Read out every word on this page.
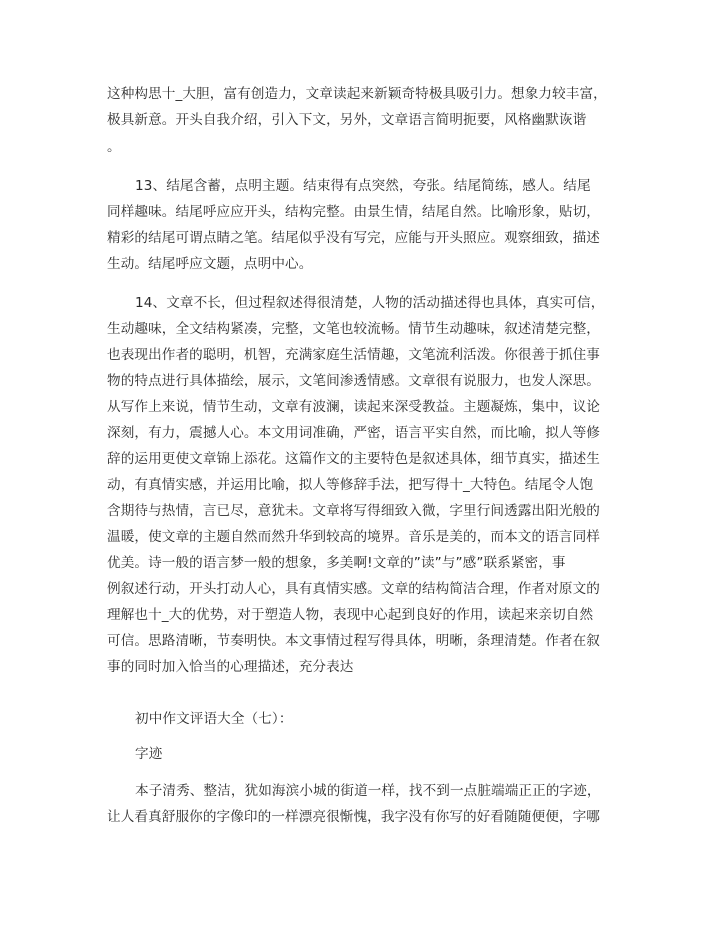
这种构思十_大胆，富有创造力，文章读起来新颖奇特极具吸引力。想象力较丰富，
极具新意。开头自我介绍，引入下文，另外，文章语言简明扼要，风格幽默诙谐
。
13、结尾含蓄，点明主题。结束得有点突然，夸张。结尾简练，感人。结尾
同样趣味。结尾呼应应开头，结构完整。由景生情，结尾自然。比喻形象，贴切，
精彩的结尾可谓点睛之笔。结尾似乎没有写完，应能与开头照应。观察细致，描述
生动。结尾呼应文题，点明中心。
14、文章不长，但过程叙述得很清楚，人物的活动描述得也具体，真实可信，
生动趣味，全文结构紧凑，完整，文笔也较流畅。情节生动趣味，叙述清楚完整，
也表现出作者的聪明，机智，充满家庭生活情趣，文笔流利活泼。你很善于抓住事
物的特点进行具体描绘，展示，文笔间渗透情感。文章很有说服力，也发人深思。
从写作上来说，情节生动，文章有波澜，读起来深受教益。主题凝炼，集中，议论
深刻，有力，震撼人心。本文用词准确，严密，语言平实自然，而比喻，拟人等修
辞的运用更使文章锦上添花。这篇作文的主要特色是叙述具体，细节真实，描述生
动，有真情实感，并运用比喻，拟人等修辞手法，把写得十_大特色。结尾令人饱
含期待与热情，言已尽，意犹未。文章将写得细致入微，字里行间透露出阳光般的
温暖，使文章的主题自然而然升华到较高的境界。音乐是美的，而本文的语言同样
优美。诗一般的语言梦一般的想象，多美啊!文章的”读”与”感”联系紧密，事
例叙述行动，开头打动人心，具有真情实感。文章的结构简洁合理，作者对原文的
理解也十_大的优势，对于塑造人物，表现中心起到良好的作用，读起来亲切自然
可信。思路清晰，节奏明快。本文事情过程写得具体，明晰，条理清楚。作者在叙
事的同时加入恰当的心理描述，充分表达
初中作文评语大全（七）：
字迹
本子清秀、整洁，犹如海滨小城的街道一样，找不到一点脏端端正正的字迹，
让人看真舒服你的字像印的一样漂亮很惭愧，我字没有你写的好看随随便便，字哪
